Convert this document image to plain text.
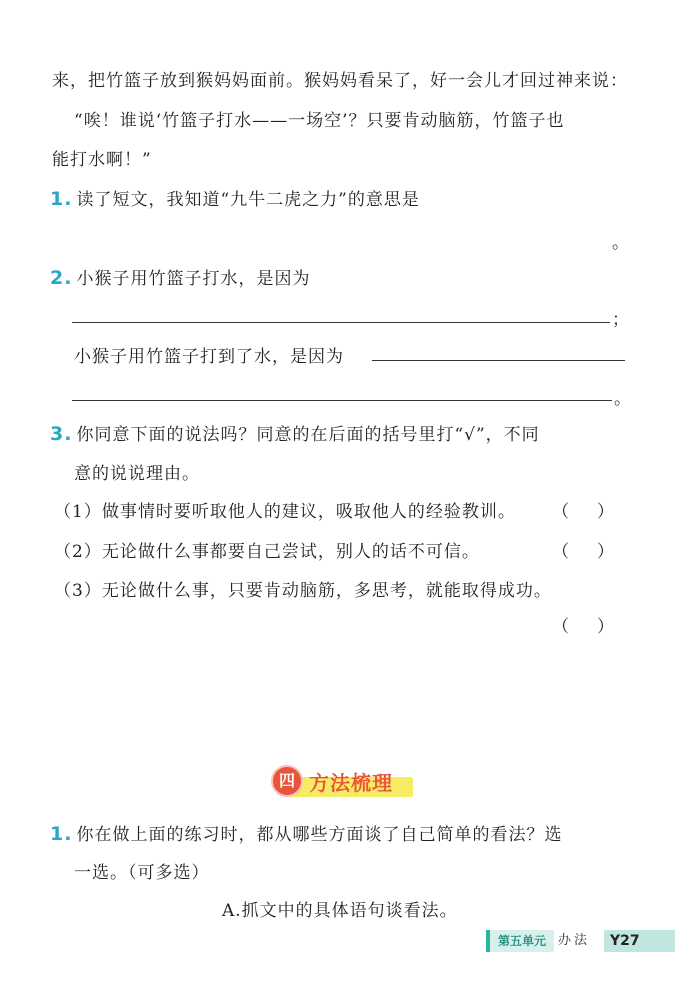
来，把竹篮子放到猴妈妈面前。猴妈妈看呆了，好一会儿才回过神来说：
“唉！谁说‘竹篮子打水——一场空’？只要肯动脑筋，竹篮子也
能打水啊！”
1. 读了短文，我知道“九牛二虎之力”的意思是
。
2. 小猴子用竹篮子打水，是因为
；
小猴子用竹篮子打到了水，是因为
。
3. 你同意下面的说法吗？同意的在后面的括号里打“√”，不同
意的说说理由。
（1）做事情时要听取他人的建议，吸取他人的经验教训。 （）
（2）无论做什么事都要自己尝试，别人的话不可信。	（）
（3）无论做什么事，只要肯动脑筋，多思考，就能取得成功。
（）
四 方法梳理
1. 你在做上面的练习时，都从哪些方面谈了自己简单的看法？选
一选。（可多选）
A.抓文中的具体语句谈看法。
第五单元 办法	Y27
